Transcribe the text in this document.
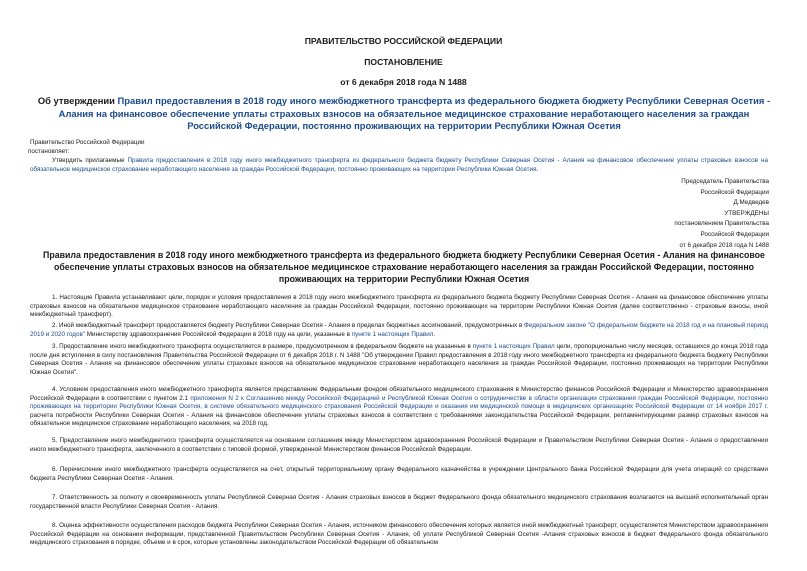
ПРАВИТЕЛЬСТВО РОССИЙСКОЙ ФЕДЕРАЦИИ
ПОСТАНОВЛЕНИЕ
от 6 декабря 2018 года N 1488
Об утверждении Правил предоставления в 2018 году иного межбюджетного трансферта из федерального бюджета бюджету Республики Северная Осетия - Алания на финансовое обеспечение уплаты страховых взносов на обязательное медицинское страхование неработающего населения за граждан Российской Федерации, постоянно проживающих на территории Республики Южная Осетия
Правительство Российской Федерации
постановляет:
Утвердить прилагаемые Правила предоставления в 2018 году иного межбюджетного трансферта из федерального бюджета бюджету Республики Северная Осетия - Алания на финансовое обеспечение уплаты страховых взносов на обязательное медицинское страхование неработающего населения за граждан Российской Федерации, постоянно проживающих на территории Республики Южная Осетия.
Председатель Правительства
Российской Федерации
Д.Медведев
УТВЕРЖДЕНЫ
постановлением Правительства
Российской Федерации
от 6 декабря 2018 года N 1488
Правила предоставления в 2018 году иного межбюджетного трансферта из федерального бюджета бюджету Республики Северная Осетия - Алания на финансовое обеспечение уплаты страховых взносов на обязательное медицинское страхование неработающего населения за граждан Российской Федерации, постоянно проживающих на территории Республики Южная Осетия
1. Настоящие Правила устанавливают цели, порядок и условия предоставления в 2018 году иного межбюджетного трансферта из федерального бюджета бюджету Республики Северная Осетия - Алания на финансовое обеспечение уплаты страховых взносов на обязательное медицинское страхование неработающего населения за граждан Российской Федерации, постоянно проживающих на территории Республики Южная Осетия (далее соответственно - страховые взносы, иной межбюджетный трансферт).
2. Иной межбюджетный трансферт предоставляется бюджету Республики Северная Осетия - Алания в пределах бюджетных ассигнований, предусмотренных в Федеральном законе "О федеральном бюджете на 2018 год и на плановый период 2019 и 2020 годов" Министерству здравоохранения Российской Федерации в 2018 году на цели, указанные в пункте 1 настоящих Правил.
3. Предоставление иного межбюджетного трансферта осуществляется в размере, предусмотренном в федеральном бюджете на указанные в пункте 1 настоящих Правил цели, пропорционально числу месяцев, оставшихся до конца 2018 года после дня вступления в силу постановления Правительства Российской Федерации от 6 декабря 2018 г. N 1488 "Об утверждении Правил предоставления в 2018 году иного межбюджетного трансферта из федерального бюджета бюджету Республики Северная Осетия - Алания на финансовое обеспечение уплаты страховых взносов на обязательное медицинское страхование неработающего населения за граждан Российской Федерации, постоянно проживающих на территории Республики Южная Осетия".
4. Условием предоставления иного межбюджетного трансферта является представление Федеральным фондом обязательного медицинского страхования в Министерство финансов Российской Федерации и Министерство здравоохранения Российской Федерации в соответствии с пунктом 2.1 приложения N 2 к Соглашению между Российской Федерацией и Республикой Южная Осетия о сотрудничестве в области организации страхования граждан Российской Федерации, постоянно проживающих на территории Республики Южная Осетия, в системе обязательного медицинского страхования Российской Федерации и оказания им медицинской помощи в медицинских организациях Российской Федерации от 14 ноября 2017 г. расчета потребности Республики Северная Осетия - Алания на финансовое обеспечение уплаты страховых взносов в соответствии с требованиями законодательства Российской Федерации, регламентирующими размер страховых взносов на обязательное медицинское страхование неработающего населения, на 2018 год.
5. Предоставление иного межбюджетного трансферта осуществляется на основании соглашения между Министерством здравоохранения Российской Федерации и Правительством Республики Северная Осетия - Алания о предоставлении иного межбюджетного трансферта, заключенного в соответствии с типовой формой, утвержденной Министерством финансов Российской Федерации.
6. Перечисление иного межбюджетного трансферта осуществляется на счет, открытый территориальному органу Федерального казначейства в учреждении Центрального банка Российской Федерации для учета операций со средствами бюджета Республики Северная Осетия - Алания.
7. Ответственность за полноту и своевременность уплаты Республикой Северная Осетия - Алания страховых взносов в бюджет Федерального фонда обязательного медицинского страхования возлагается на высший исполнительный орган государственной власти Республики Северная Осетия - Алания.
8. Оценка эффективности осуществления расходов бюджета Республики Северная Осетия - Алания, источником финансового обеспечения которых является иной межбюджетный трансферт, осуществляется Министерством здравоохранения Российской Федерации на основании информации, представленной Правительством Республики Северная Осетия - Алания, об уплате Республикой Северная Осетия -Алания страховых взносов в бюджет Федерального фонда обязательного медицинского страхования в порядке, объеме и в срок, которые установлены законодательством Российской Федерации об обязательном
